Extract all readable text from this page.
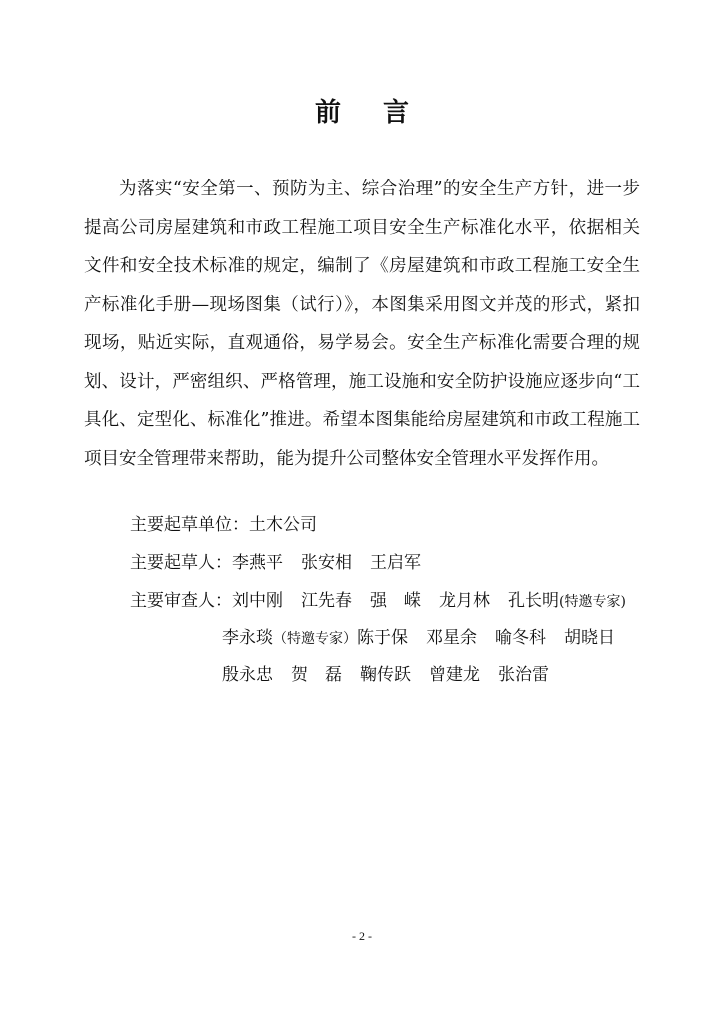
前 言

为落实“安全第一、预防为主、综合治理”的安全生产方针，进一步提高公司房屋建筑和市政工程施工项目安全生产标准化水平，依据相关文件和安全技术标准的规定，编制了《房屋建筑和市政工程施工安全生产标准化手册—现场图集（试行）》，本图集采用图文并茂的形式，紧扣现场，贴近实际，直观通俗，易学易会。安全生产标准化需要合理的规划、设计，严密组织、严格管理，施工设施和安全防护设施应逐步向“工具化、定型化、标准化”推进。希望本图集能给房屋建筑和市政工程施工项目安全管理带来帮助，能为提升公司整体安全管理水平发挥作用。

主要起草单位：土木公司
主要起草人：李燕平 张安相 王启军
主要审查人：刘中刚 江先春 强　嵘 龙月林 孔长明(特邀专家)
李永琰（特邀专家）陈于保 邓星余 喻冬科 胡晓日
殷永忠 贺　磊 鞠传跃 曾建龙 张治雷
- 2 -
